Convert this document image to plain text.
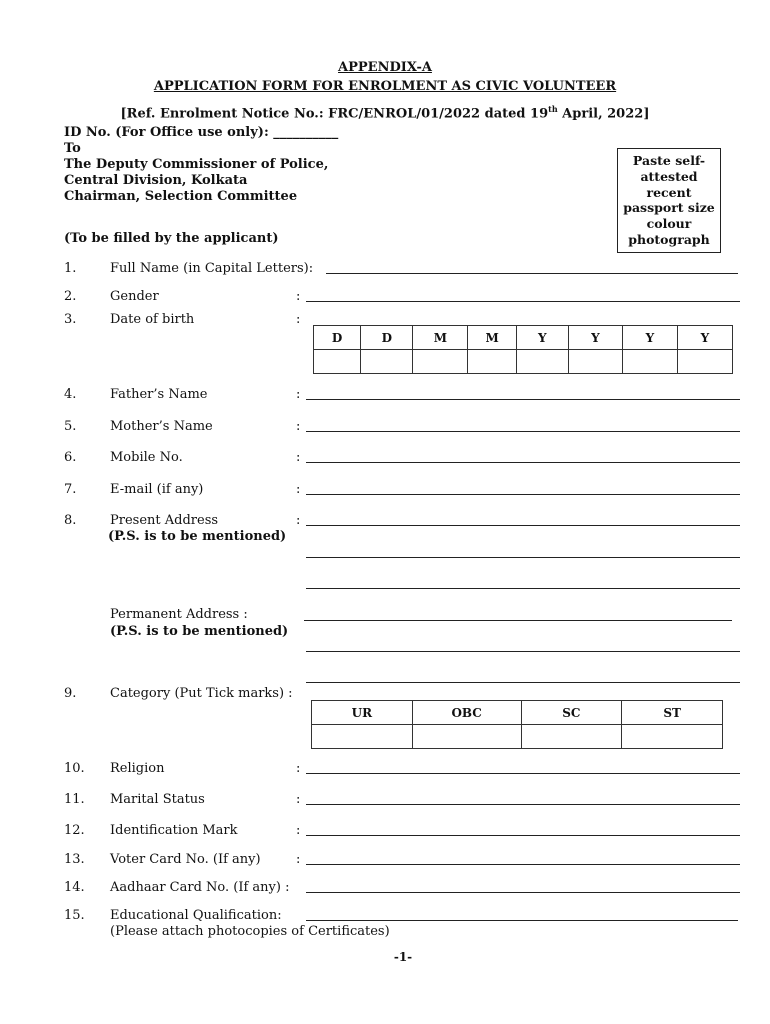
APPENDIX-A
APPLICATION FORM FOR ENROLMENT AS CIVIC VOLUNTEER
[Ref. Enrolment Notice No.: FRC/ENROL/01/2022 dated 19th April, 2022]
ID No. (For Office use only): __________
To
The Deputy Commissioner of Police,
Central Division, Kolkata
Chairman, Selection Committee
(To be filled by the applicant)
Paste self-
attested
recent
passport size
colour
photograph
1.	Full Name (in Capital Letters):
2.	Gender	:
3.	Date of birth	:
D	D	M	M	Y	Y	Y	Y

4.	Father’s Name	:
5.	Mother’s Name	:
6.	Mobile No.	:
7.	E-mail (if any)	:
8.	Present Address
(P.S. is to be mentioned)
:
Permanent Address :
(P.S. is to be mentioned)
9.	Category (Put Tick marks) :
UR	OBC	SC	ST

10. Religion	:
11. Marital Status	:
12. Identification Mark	:
13. Voter Card No. (If any)	:
14. Aadhaar Card No. (If any) :
15. Educational Qualification:
(Please attach photocopies of Certificates)
-1-
